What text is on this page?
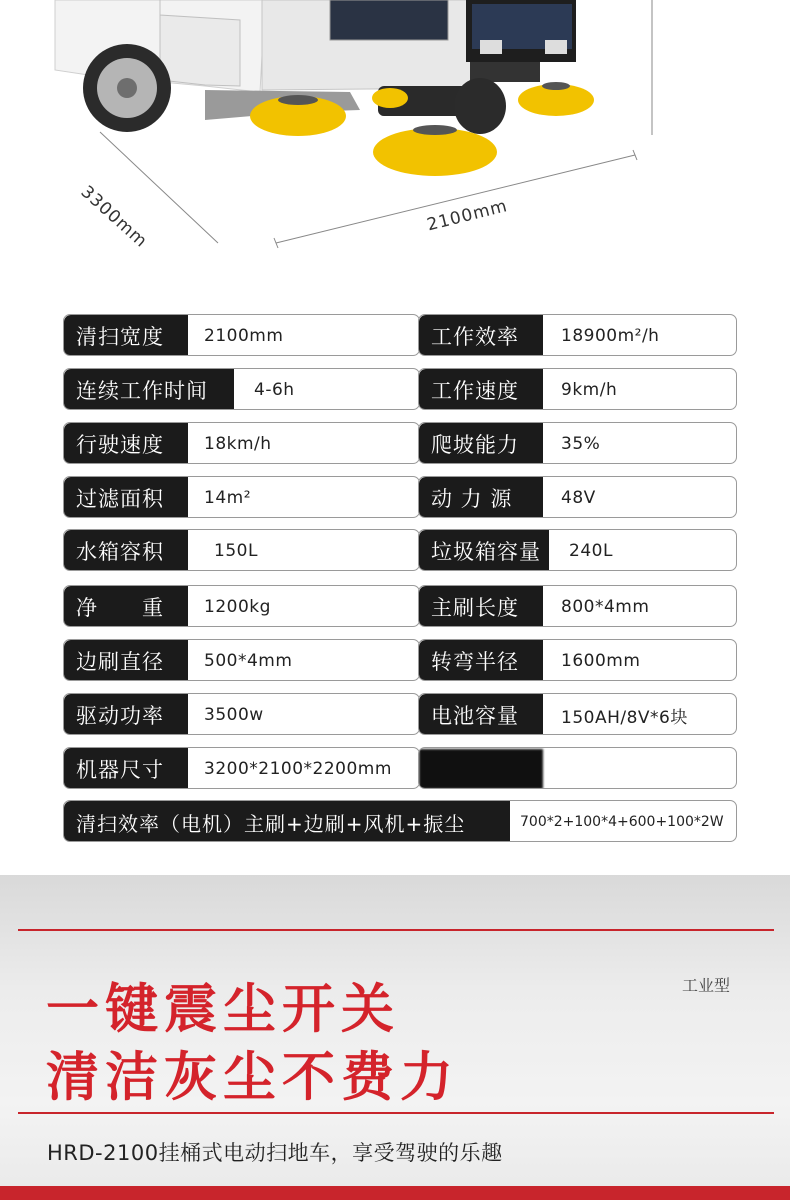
3300mm	2100mm
清扫宽度	2100mm	工作效率	18900m²/h
连续工作时间	4-6h	工作速度	9km/h
行驶速度	18km/h	爬坡能力	35%
过滤面积	14m²	动 力 源	48V
水箱容积	150L	垃圾箱容量	240L
净　　重	1200kg	主刷长度	800*4mm
边刷直径	500*4mm	转弯半径	1600mm
驱动功率	3500w	电池容量	150AH/8V*6块
机器尺寸	3200*2100*2200mm
清扫效率（电机）主刷+边刷+风机+振尘	700*2+100*4+600+100*2W
一键震尘开关
清洁灰尘不费力
工业型
HRD-2100挂桶式电动扫地车，享受驾驶的乐趣
